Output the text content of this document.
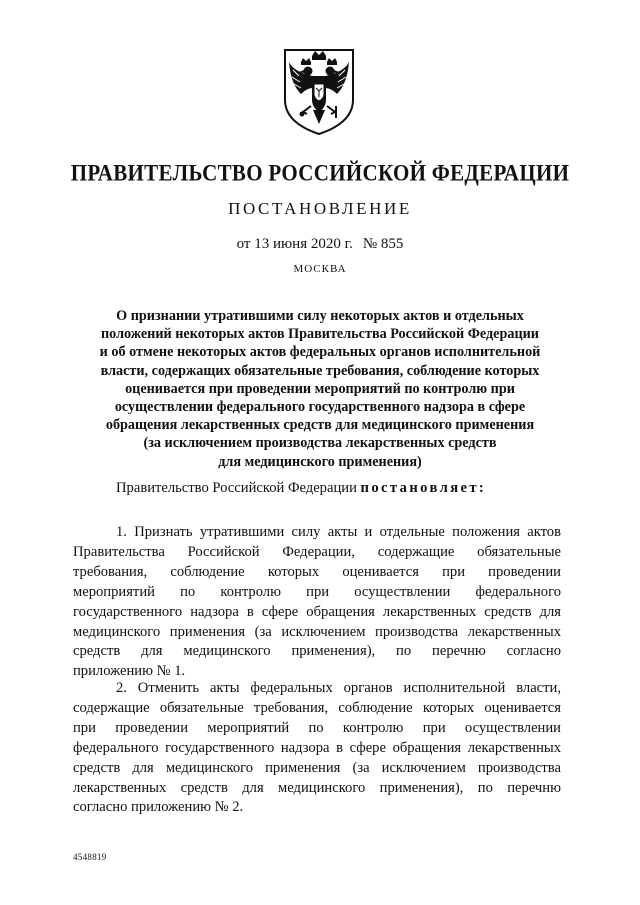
ПРАВИТЕЛЬСТВО РОССИЙСКОЙ ФЕДЕРАЦИИ
ПОСТАНОВЛЕНИЕ
от 13 июня 2020 г. № 855
МОСКВА
О признании утратившими силу некоторых актов и отдельных
положений некоторых актов Правительства Российской Федерации
и об отмене некоторых актов федеральных органов исполнительной
власти, содержащих обязательные требования, соблюдение которых
оценивается при проведении мероприятий по контролю при
осуществлении федерального государственного надзора в сфере
обращения лекарственных средств для медицинского применения
(за исключением производства лекарственных средств
для медицинского применения)
Правительство Российской Федерации постановляет:
1. Признать утратившими силу акты и отдельные положения актов
Правительства Российской Федерации, содержащие обязательные
требования, соблюдение которых оценивается при проведении
мероприятий по контролю при осуществлении федерального
государственного надзора в сфере обращения лекарственных средств для
медицинского применения (за исключением производства лекарственных
средств для медицинского применения), по перечню согласно
приложению № 1.
2. Отменить акты федеральных органов исполнительной власти,
содержащие обязательные требования, соблюдение которых оценивается
при проведении мероприятий по контролю при осуществлении
федерального государственного надзора в сфере обращения лекарственных
средств для медицинского применения (за исключением производства
лекарственных средств для медицинского применения), по перечню
согласно приложению № 2.
4548819
